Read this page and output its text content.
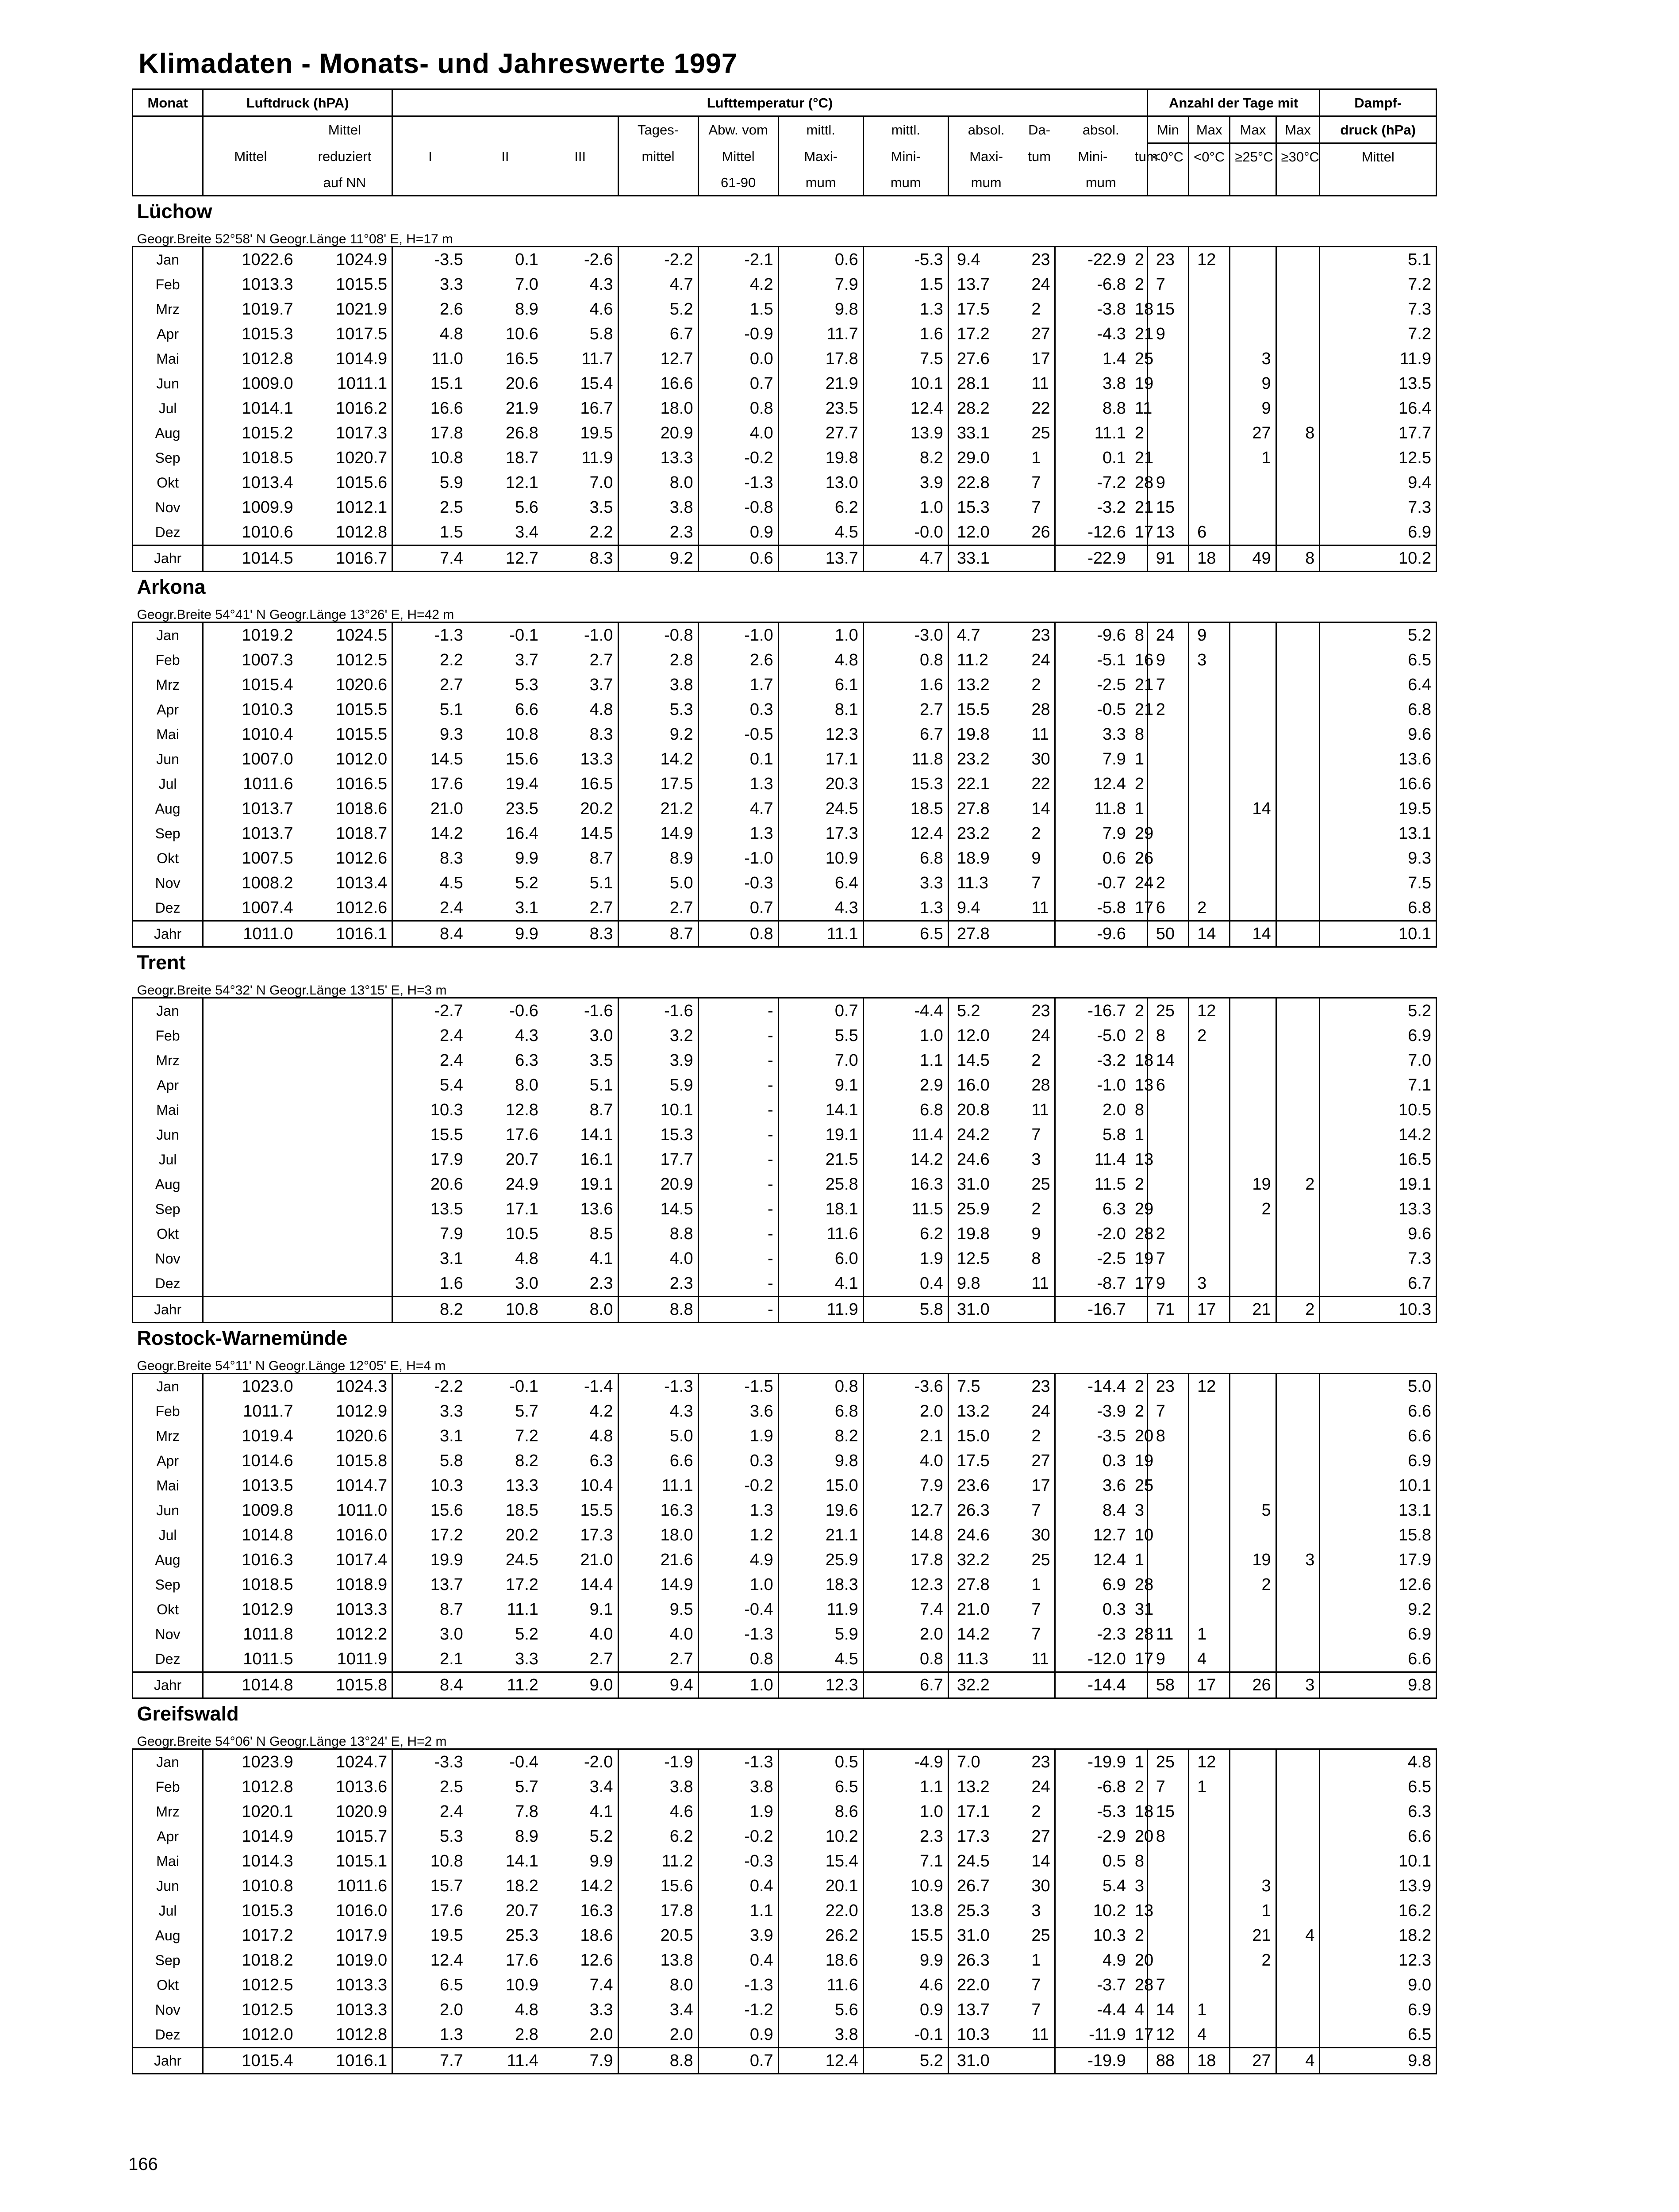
Klimadaten - Monats- und Jahreswerte 1997
Monat	Luftdruck (hPA)		Lufttemperatur (°C)											Anzahl der Tage mit				Dampf-
		Mittel				Tages-	Abw. vom	mittl.	mittl.	absol.	Da-	absol.		Min	Max	Max	Max	druck (hPa)
	Mittel	reduziert	I	II	III	mittel	Mittel	Maxi-	Mini-	Maxi-	tum	Mini-	tum	<0°C	<0°C	≥25°C	≥30°C	Mittel
		auf NN					61-90	mum	mum	mum		mum						
Lüchow																		
Geogr.Breite 52°58' N Geogr.Länge 11°08' E, H=17 m																		
Jan	1022.6	1024.9	-3.5	0.1	-2.6	-2.2	-2.1	0.6	-5.3	9.4	23	-22.9	2	23	12			5.1
Feb	1013.3	1015.5	3.3	7.0	4.3	4.7	4.2	7.9	1.5	13.7	24	-6.8	2	7				7.2
Mrz	1019.7	1021.9	2.6	8.9	4.6	5.2	1.5	9.8	1.3	17.5	2	-3.8	18	15				7.3
Apr	1015.3	1017.5	4.8	10.6	5.8	6.7	-0.9	11.7	1.6	17.2	27	-4.3	21	9				7.2
Mai	1012.8	1014.9	11.0	16.5	11.7	12.7	0.0	17.8	7.5	27.6	17	1.4	25			3		11.9
Jun	1009.0	1011.1	15.1	20.6	15.4	16.6	0.7	21.9	10.1	28.1	11	3.8	19			9		13.5
Jul	1014.1	1016.2	16.6	21.9	16.7	18.0	0.8	23.5	12.4	28.2	22	8.8	11			9		16.4
Aug	1015.2	1017.3	17.8	26.8	19.5	20.9	4.0	27.7	13.9	33.1	25	11.1	2			27	8	17.7
Sep	1018.5	1020.7	10.8	18.7	11.9	13.3	-0.2	19.8	8.2	29.0	1	0.1	21			1		12.5
Okt	1013.4	1015.6	5.9	12.1	7.0	8.0	-1.3	13.0	3.9	22.8	7	-7.2	28	9				9.4
Nov	1009.9	1012.1	2.5	5.6	3.5	3.8	-0.8	6.2	1.0	15.3	7	-3.2	21	15				7.3
Dez	1010.6	1012.8	1.5	3.4	2.2	2.3	0.9	4.5	-0.0	12.0	26	-12.6	17	13	6			6.9
Jahr	1014.5	1016.7	7.4	12.7	8.3	9.2	0.6	13.7	4.7	33.1		-22.9		91	18	49	8	10.2
Arkona																		
Geogr.Breite 54°41' N Geogr.Länge 13°26' E, H=42 m																		
Jan	1019.2	1024.5	-1.3	-0.1	-1.0	-0.8	-1.0	1.0	-3.0	4.7	23	-9.6	8	24	9			5.2
Feb	1007.3	1012.5	2.2	3.7	2.7	2.8	2.6	4.8	0.8	11.2	24	-5.1	16	9	3			6.5
Mrz	1015.4	1020.6	2.7	5.3	3.7	3.8	1.7	6.1	1.6	13.2	2	-2.5	21	7				6.4
Apr	1010.3	1015.5	5.1	6.6	4.8	5.3	0.3	8.1	2.7	15.5	28	-0.5	21	2				6.8
Mai	1010.4	1015.5	9.3	10.8	8.3	9.2	-0.5	12.3	6.7	19.8	11	3.3	8					9.6
Jun	1007.0	1012.0	14.5	15.6	13.3	14.2	0.1	17.1	11.8	23.2	30	7.9	1					13.6
Jul	1011.6	1016.5	17.6	19.4	16.5	17.5	1.3	20.3	15.3	22.1	22	12.4	2					16.6
Aug	1013.7	1018.6	21.0	23.5	20.2	21.2	4.7	24.5	18.5	27.8	14	11.8	1			14		19.5
Sep	1013.7	1018.7	14.2	16.4	14.5	14.9	1.3	17.3	12.4	23.2	2	7.9	29					13.1
Okt	1007.5	1012.6	8.3	9.9	8.7	8.9	-1.0	10.9	6.8	18.9	9	0.6	26					9.3
Nov	1008.2	1013.4	4.5	5.2	5.1	5.0	-0.3	6.4	3.3	11.3	7	-0.7	24	2				7.5
Dez	1007.4	1012.6	2.4	3.1	2.7	2.7	0.7	4.3	1.3	9.4	11	-5.8	17	6	2			6.8
Jahr	1011.0	1016.1	8.4	9.9	8.3	8.7	0.8	11.1	6.5	27.8		-9.6		50	14	14		10.1
Trent																		
Geogr.Breite 54°32' N Geogr.Länge 13°15' E, H=3 m																		
Jan			-2.7	-0.6	-1.6	-1.6	-	0.7	-4.4	5.2	23	-16.7	2	25	12			5.2
Feb			2.4	4.3	3.0	3.2	-	5.5	1.0	12.0	24	-5.0	2	8	2			6.9
Mrz			2.4	6.3	3.5	3.9	-	7.0	1.1	14.5	2	-3.2	18	14				7.0
Apr			5.4	8.0	5.1	5.9	-	9.1	2.9	16.0	28	-1.0	13	6				7.1
Mai			10.3	12.8	8.7	10.1	-	14.1	6.8	20.8	11	2.0	8					10.5
Jun			15.5	17.6	14.1	15.3	-	19.1	11.4	24.2	7	5.8	1					14.2
Jul			17.9	20.7	16.1	17.7	-	21.5	14.2	24.6	3	11.4	13					16.5
Aug			20.6	24.9	19.1	20.9	-	25.8	16.3	31.0	25	11.5	2			19	2	19.1
Sep			13.5	17.1	13.6	14.5	-	18.1	11.5	25.9	2	6.3	29			2		13.3
Okt			7.9	10.5	8.5	8.8	-	11.6	6.2	19.8	9	-2.0	28	2				9.6
Nov			3.1	4.8	4.1	4.0	-	6.0	1.9	12.5	8	-2.5	19	7				7.3
Dez			1.6	3.0	2.3	2.3	-	4.1	0.4	9.8	11	-8.7	17	9	3			6.7
Jahr			8.2	10.8	8.0	8.8	-	11.9	5.8	31.0		-16.7		71	17	21	2	10.3
Rostock-Warnemünde																		
Geogr.Breite 54°11' N Geogr.Länge 12°05' E, H=4 m																		
Jan	1023.0	1024.3	-2.2	-0.1	-1.4	-1.3	-1.5	0.8	-3.6	7.5	23	-14.4	2	23	12			5.0
Feb	1011.7	1012.9	3.3	5.7	4.2	4.3	3.6	6.8	2.0	13.2	24	-3.9	2	7				6.6
Mrz	1019.4	1020.6	3.1	7.2	4.8	5.0	1.9	8.2	2.1	15.0	2	-3.5	20	8				6.6
Apr	1014.6	1015.8	5.8	8.2	6.3	6.6	0.3	9.8	4.0	17.5	27	0.3	19					6.9
Mai	1013.5	1014.7	10.3	13.3	10.4	11.1	-0.2	15.0	7.9	23.6	17	3.6	25					10.1
Jun	1009.8	1011.0	15.6	18.5	15.5	16.3	1.3	19.6	12.7	26.3	7	8.4	3			5		13.1
Jul	1014.8	1016.0	17.2	20.2	17.3	18.0	1.2	21.1	14.8	24.6	30	12.7	10					15.8
Aug	1016.3	1017.4	19.9	24.5	21.0	21.6	4.9	25.9	17.8	32.2	25	12.4	1			19	3	17.9
Sep	1018.5	1018.9	13.7	17.2	14.4	14.9	1.0	18.3	12.3	27.8	1	6.9	28			2		12.6
Okt	1012.9	1013.3	8.7	11.1	9.1	9.5	-0.4	11.9	7.4	21.0	7	0.3	31					9.2
Nov	1011.8	1012.2	3.0	5.2	4.0	4.0	-1.3	5.9	2.0	14.2	7	-2.3	28	11	1			6.9
Dez	1011.5	1011.9	2.1	3.3	2.7	2.7	0.8	4.5	0.8	11.3	11	-12.0	17	9	4			6.6
Jahr	1014.8	1015.8	8.4	11.2	9.0	9.4	1.0	12.3	6.7	32.2		-14.4		58	17	26	3	9.8
Greifswald																		
Geogr.Breite 54°06' N Geogr.Länge 13°24' E, H=2 m																		
Jan	1023.9	1024.7	-3.3	-0.4	-2.0	-1.9	-1.3	0.5	-4.9	7.0	23	-19.9	1	25	12			4.8
Feb	1012.8	1013.6	2.5	5.7	3.4	3.8	3.8	6.5	1.1	13.2	24	-6.8	2	7	1			6.5
Mrz	1020.1	1020.9	2.4	7.8	4.1	4.6	1.9	8.6	1.0	17.1	2	-5.3	18	15				6.3
Apr	1014.9	1015.7	5.3	8.9	5.2	6.2	-0.2	10.2	2.3	17.3	27	-2.9	20	8				6.6
Mai	1014.3	1015.1	10.8	14.1	9.9	11.2	-0.3	15.4	7.1	24.5	14	0.5	8					10.1
Jun	1010.8	1011.6	15.7	18.2	14.2	15.6	0.4	20.1	10.9	26.7	30	5.4	3			3		13.9
Jul	1015.3	1016.0	17.6	20.7	16.3	17.8	1.1	22.0	13.8	25.3	3	10.2	13			1		16.2
Aug	1017.2	1017.9	19.5	25.3	18.6	20.5	3.9	26.2	15.5	31.0	25	10.3	2			21	4	18.2
Sep	1018.2	1019.0	12.4	17.6	12.6	13.8	0.4	18.6	9.9	26.3	1	4.9	20			2		12.3
Okt	1012.5	1013.3	6.5	10.9	7.4	8.0	-1.3	11.6	4.6	22.0	7	-3.7	28	7				9.0
Nov	1012.5	1013.3	2.0	4.8	3.3	3.4	-1.2	5.6	0.9	13.7	7	-4.4	4	14	1			6.9
Dez	1012.0	1012.8	1.3	2.8	2.0	2.0	0.9	3.8	-0.1	10.3	11	-11.9	17	12	4			6.5
Jahr	1015.4	1016.1	7.7	11.4	7.9	8.8	0.7	12.4	5.2	31.0		-19.9		88	18	27	4	9.8
166
